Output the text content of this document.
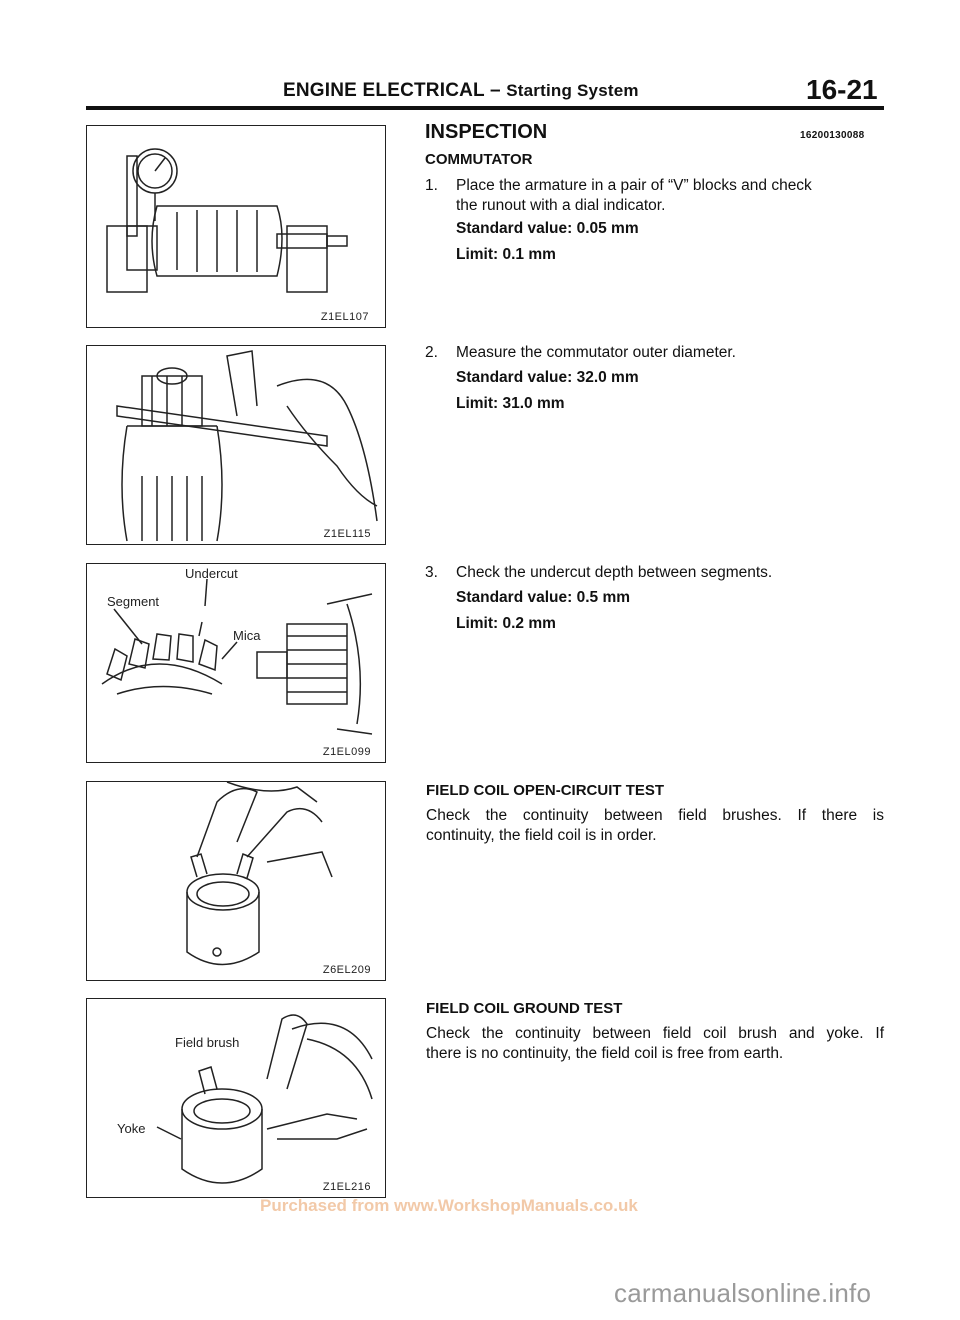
ENGINE ELECTRICAL – Starting System	16-21
Z1EL107
Z1EL115
Undercut
Segment
Mica
Z1EL099
Z6EL209
Field brush
Yoke
Z1EL216
INSPECTION	16200130088
COMMUTATOR
1. Place the armature in a pair of “V” blocks and check
the runout with a dial indicator.
Standard value: 0.05 mm
Limit: 0.1 mm
2. Measure the commutator outer diameter.
Standard value: 32.0 mm
Limit: 31.0 mm
3. Check the undercut depth between segments.
Standard value: 0.5 mm
Limit: 0.2 mm
FIELD COIL OPEN-CIRCUIT TEST
Check the continuity between field brushes. If there is
continuity, the field coil is in order.
FIELD COIL GROUND TEST
Check the continuity between field coil brush and yoke. If
there is no continuity, the field coil is free from earth.
Purchased from www.WorkshopManuals.co.uk
carmanualsonline.info
